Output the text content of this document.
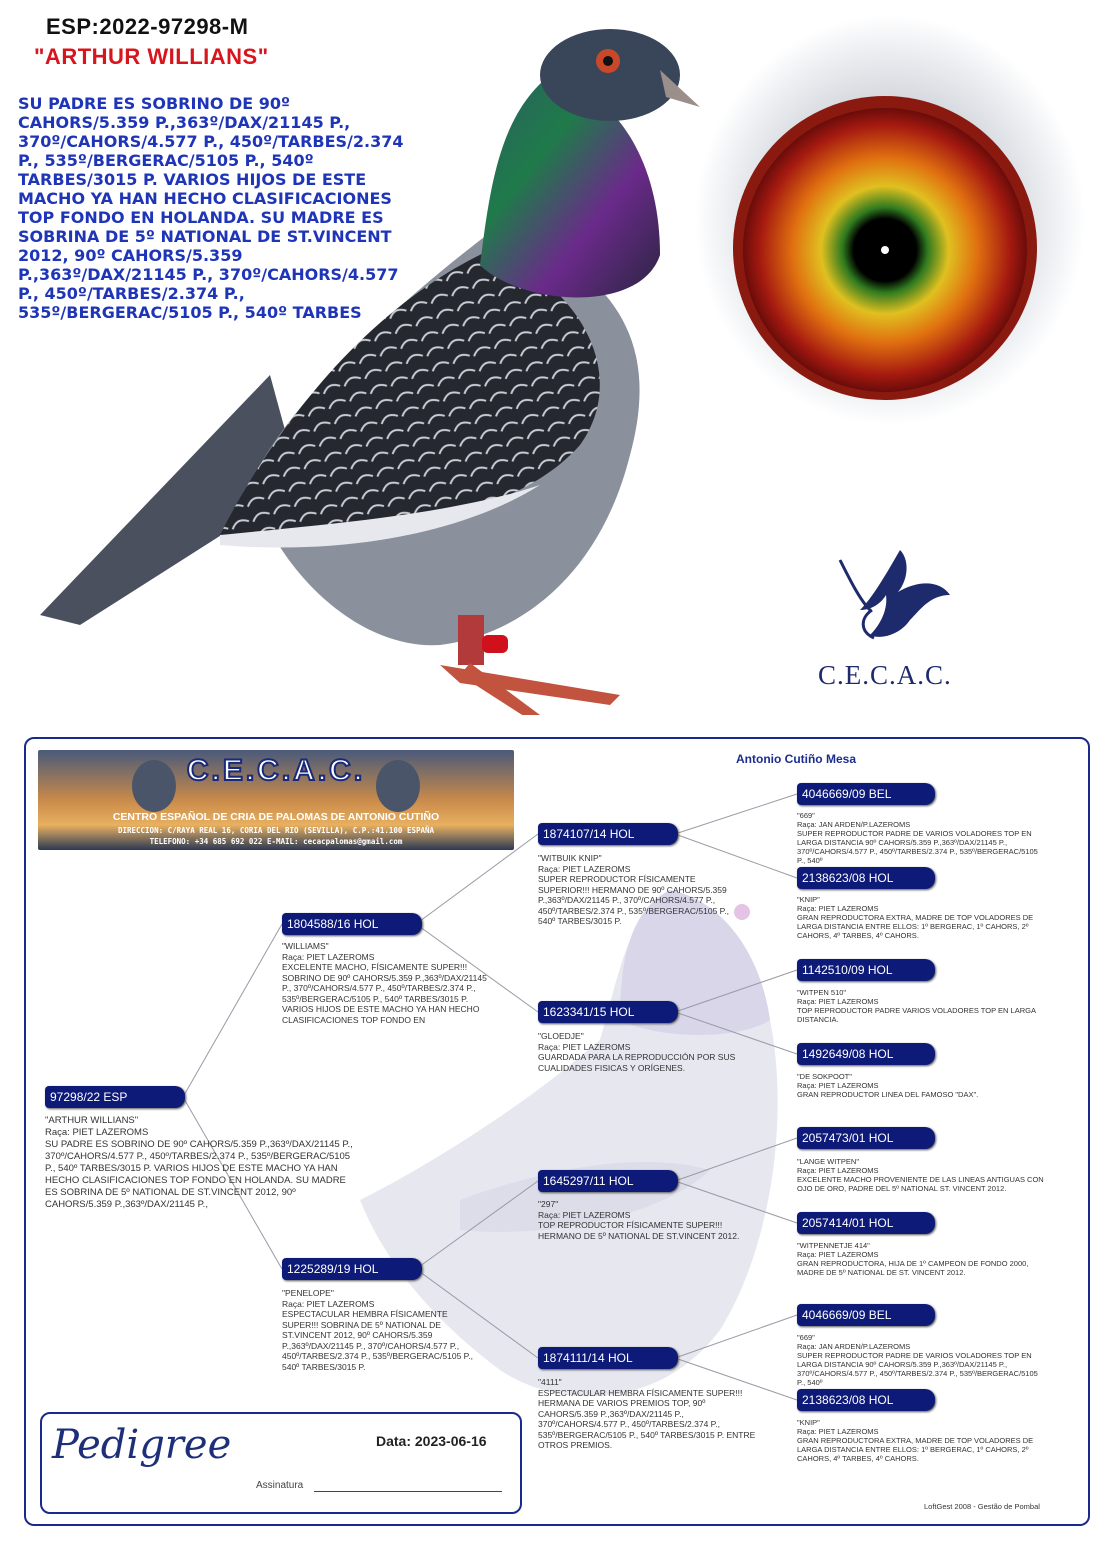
ESP:2022-97298-M
"ARTHUR WILLIANS"
SU PADRE ES SOBRINO DE 90º CAHORS/5.359 P.,363º/DAX/21145 P., 370º/CAHORS/4.577 P., 450º/TARBES/2.374 P., 535º/BERGERAC/5105 P., 540º TARBES/3015 P. VARIOS HIJOS DE ESTE MACHO YA HAN HECHO CLASIFICACIONES TOP FONDO EN HOLANDA. SU MADRE ES SOBRINA DE 5º NATIONAL DE ST.VINCENT 2012, 90º CAHORS/5.359 P.,363º/DAX/21145 P., 370º/CAHORS/4.577 P., 450º/TARBES/2.374 P., 535º/BERGERAC/5105 P., 540º TARBES
C.E.C.A.C.
Antonio Cutiño Mesa
C.E.C.A.C.
CENTRO ESPAÑOL DE CRIA DE PALOMAS DE ANTONIO CUTIÑO
DIRECCION: C/RAYA REAL 16, CORIA DEL RIO (SEVILLA), C.P.:41.100 ESPAÑA
TELEFONO: +34 685 692 022 E-MAIL: cecacpalomas@gmail.com
97298/22 ESP
"ARTHUR WILLIANS"
Raça: PIET LAZEROMS
SU PADRE ES SOBRINO DE 90º CAHORS/5.359 P.,363º/DAX/21145 P., 370º/CAHORS/4.577 P., 450º/TARBES/2.374 P., 535º/BERGERAC/5105 P., 540º TARBES/3015 P. VARIOS HIJOS DE ESTE MACHO YA HAN HECHO CLASIFICACIONES TOP FONDO EN HOLANDA. SU MADRE ES SOBRINA DE 5º NATIONAL DE ST.VINCENT 2012, 90º CAHORS/5.359 P.,363º/DAX/21145 P.,
1804588/16 HOL
"WILLIAMS"
Raça: PIET LAZEROMS
EXCELENTE MACHO, FÍSICAMENTE SUPER!!! SOBRINO DE 90º CAHORS/5.359 P.,363º/DAX/21145 P., 370º/CAHORS/4.577 P., 450º/TARBES/2.374 P., 535º/BERGERAC/5105 P., 540º TARBES/3015 P. VARIOS HIJOS DE ESTE MACHO YA HAN HECHO CLASIFICACIONES TOP FONDO EN
1225289/19 HOL
"PENELOPE"
Raça: PIET LAZEROMS
ESPECTACULAR HEMBRA FÍSICAMENTE SUPER!!! SOBRINA DE 5º NATIONAL DE ST.VINCENT 2012, 90º CAHORS/5.359 P.,363º/DAX/21145 P., 370º/CAHORS/4.577 P., 450º/TARBES/2.374 P., 535º/BERGERAC/5105 P., 540º TARBES/3015 P.
1874107/14 HOL
"WITBUIK KNIP"
Raça: PIET LAZEROMS
SUPER REPRODUCTOR FÍSICAMENTE SUPERIOR!!! HERMANO DE 90º CAHORS/5.359 P.,363º/DAX/21145 P., 370º/CAHORS/4.577 P., 450º/TARBES/2.374 P., 535º/BERGERAC/5105 P., 540º TARBES/3015 P.
1623341/15 HOL
"GLOEDJE"
Raça: PIET LAZEROMS
GUARDADA PARA LA REPRODUCCIÓN POR SUS CUALIDADES FISICAS Y ORÍGENES.
1645297/11 HOL
"297"
Raça: PIET LAZEROMS
TOP REPRODUCTOR FÍSICAMENTE SUPER!!! HERMANO DE 5º NATIONAL DE ST.VINCENT 2012.
1874111/14 HOL
"4111"
ESPECTACULAR HEMBRA FÍSICAMENTE SUPER!!! HERMANA DE VARIOS PREMIOS TOP, 90º CAHORS/5.359 P.,363º/DAX/21145 P., 370º/CAHORS/4.577 P., 450º/TARBES/2.374 P., 535º/BERGERAC/5105 P., 540º TARBES/3015 P. ENTRE OTROS PREMIOS.
4046669/09 BEL
"669"
Raça: JAN ARDEN/P.LAZEROMS
SUPER REPRODUCTOR PADRE DE VARIOS VOLADORES TOP EN LARGA DISTANCIA 90º CAHORS/5.359 P.,363º/DAX/21145 P., 370º/CAHORS/4.577 P., 450º/TARBES/2.374 P., 535º/BERGERAC/5105 P., 540º
2138623/08 HOL
"KNIP"
Raça: PIET LAZEROMS
GRAN REPRODUCTORA EXTRA, MADRE DE TOP VOLADORES DE LARGA DISTANCIA ENTRE ELLOS: 1º BERGERAC, 1º CAHORS, 2º CAHORS, 4º TARBES, 4º CAHORS.
1142510/09 HOL
"WITPEN 510"
Raça: PIET LAZEROMS
TOP REPRODUCTOR PADRE VARIOS VOLADORES TOP EN LARGA DISTANCIA.
1492649/08 HOL
"DE SOKPOOT"
Raça: PIET LAZEROMS
GRAN REPRODUCTOR LINEA DEL FAMOSO "DAX".
2057473/01 HOL
"LANGE WITPEN"
Raça: PIET LAZEROMS
EXCELENTE MACHO PROVENIENTE DE LAS LINEAS ANTIGUAS CON OJO DE ORO, PADRE DEL 5º NATIONAL ST. VINCENT 2012.
2057414/01 HOL
"WITPENNETJE 414"
Raça: PIET LAZEROMS
GRAN REPRODUCTORA, HIJA DE 1º CAMPEON DE FONDO 2000, MADRE DE 5º NATIONAL DE ST. VINCENT 2012.
4046669/09 BEL
"669"
Raça: JAN ARDEN/P.LAZEROMS
SUPER REPRODUCTOR PADRE DE VARIOS VOLADORES TOP EN LARGA DISTANCIA 90º CAHORS/5.359 P.,363º/DAX/21145 P., 370º/CAHORS/4.577 P., 450º/TARBES/2.374 P., 535º/BERGERAC/5105 P., 540º
2138623/08 HOL
"KNIP"
Raça: PIET LAZEROMS
GRAN REPRODUCTORA EXTRA, MADRE DE TOP VOLADORES DE LARGA DISTANCIA ENTRE ELLOS: 1º BERGERAC, 1º CAHORS, 2º CAHORS, 4º TARBES, 4º CAHORS.
Pedigree	Data: 2023-06-16
Assinatura
LoftGest 2008 - Gestão de Pombal
